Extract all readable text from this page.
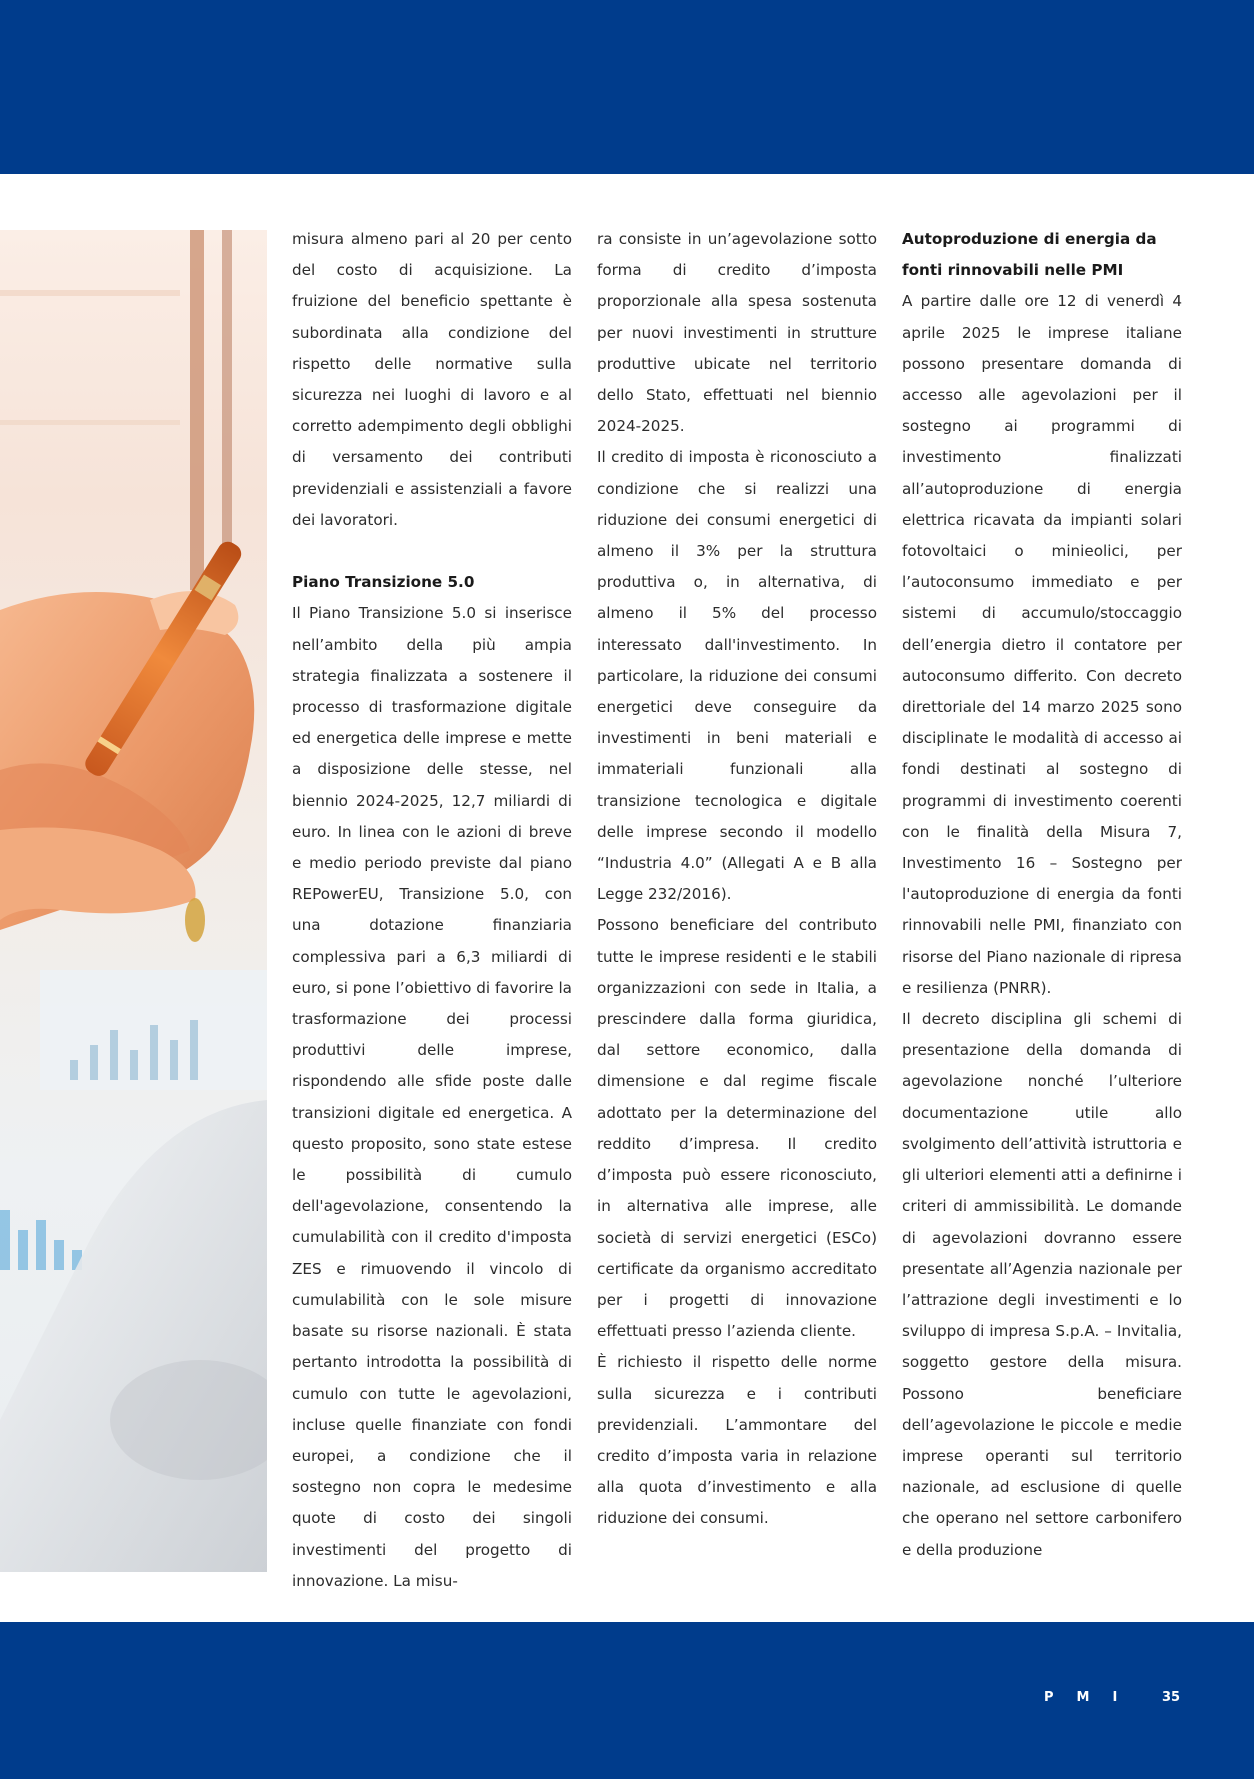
misura almeno pari al 20 per cento del costo di acquisizione. La fruizione del beneficio spettante è subordinata alla condizione del rispetto delle normative sulla sicurezza nei luoghi di lavoro e al corretto adempimento degli obblighi di versamento dei contributi previdenziali e assistenziali a favore dei lavoratori.

Piano Transizione 5.0

Il Piano Transizione 5.0 si inserisce nell’ambito della più ampia strategia finalizzata a sostenere il processo di trasformazione digitale ed energetica delle imprese e mette a disposizione delle stesse, nel biennio 2024-2025, 12,7 miliardi di euro. In linea con le azioni di breve e medio periodo previste dal piano REPowerEU, Transizione 5.0, con una dotazione finanziaria complessiva pari a 6,3 miliardi di euro, si pone l’obiettivo di favorire la trasformazione dei processi produttivi delle imprese, rispondendo alle sfide poste dalle transizioni digitale ed energetica. A questo proposito, sono state estese le possibilità di cumulo dell'agevolazione, consentendo la cumulabilità con il credito d'imposta ZES e rimuovendo il vincolo di cumulabilità con le sole misure basate su risorse nazionali. È stata pertanto introdotta la possibilità di cumulo con tutte le agevolazioni, incluse quelle finanziate con fondi europei, a condizione che il sostegno non copra le medesime quote di costo dei singoli investimenti del progetto di innovazione. La misu-

ra consiste in un’agevolazione sotto forma di credito d’imposta proporzionale alla spesa sostenuta per nuovi investimenti in strutture produttive ubicate nel territorio dello Stato, effettuati nel biennio 2024-2025.

Il credito di imposta è riconosciuto a condizione che si realizzi una riduzione dei consumi energetici di almeno il 3% per la struttura produttiva o, in alternativa, di almeno il 5% del processo interessato dall'investimento. In particolare, la riduzione dei consumi energetici deve conseguire da investimenti in beni materiali e immateriali funzionali alla transizione tecnologica e digitale delle imprese secondo il modello “Industria 4.0” (Allegati A e B alla Legge 232/2016).

Possono beneficiare del contributo tutte le imprese residenti e le stabili organizzazioni con sede in Italia, a prescindere dalla forma giuridica, dal settore economico, dalla dimensione e dal regime fiscale adottato per la determinazione del reddito d’impresa. Il credito d’imposta può essere riconosciuto, in alternativa alle imprese, alle società di servizi energetici (ESCo) certificate da organismo accreditato per i progetti di innovazione effettuati presso l’azienda cliente.

È richiesto il rispetto delle norme sulla sicurezza e i contributi previdenziali. L’ammontare del credito d’imposta varia in relazione alla quota d’investimento e alla riduzione dei consumi.

Autoproduzione di energia da fonti rinnovabili nelle PMI

A partire dalle ore 12 di venerdì 4 aprile 2025 le imprese italiane possono presentare domanda di accesso alle agevolazioni per il sostegno ai programmi di investimento finalizzati all’autoproduzione di energia elettrica ricavata da impianti solari fotovoltaici o minieolici, per l’autoconsumo immediato e per sistemi di accumulo/stoccaggio dell’energia dietro il contatore per autoconsumo differito. Con decreto direttoriale del 14 marzo 2025 sono disciplinate le modalità di accesso ai fondi destinati al sostegno di programmi di investimento coerenti con le finalità della Misura 7, Investimento 16 – Sostegno per l'autoproduzione di energia da fonti rinnovabili nelle PMI, finanziato con risorse del Piano nazionale di ripresa e resilienza (PNRR).

Il decreto disciplina gli schemi di presentazione della domanda di agevolazione nonché l’ulteriore documentazione utile allo svolgimento dell’attività istruttoria e gli ulteriori elementi atti a definirne i criteri di ammissibilità. Le domande di agevolazioni dovranno essere presentate all’Agenzia nazionale per l’attrazione degli investimenti e lo sviluppo di impresa S.p.A. – Invitalia, soggetto gestore della misura. Possono beneficiare dell’agevolazione le piccole e medie imprese operanti sul territorio nazionale, ad esclusione di quelle che operano nel settore carbonifero e della produzione

PMI 35
